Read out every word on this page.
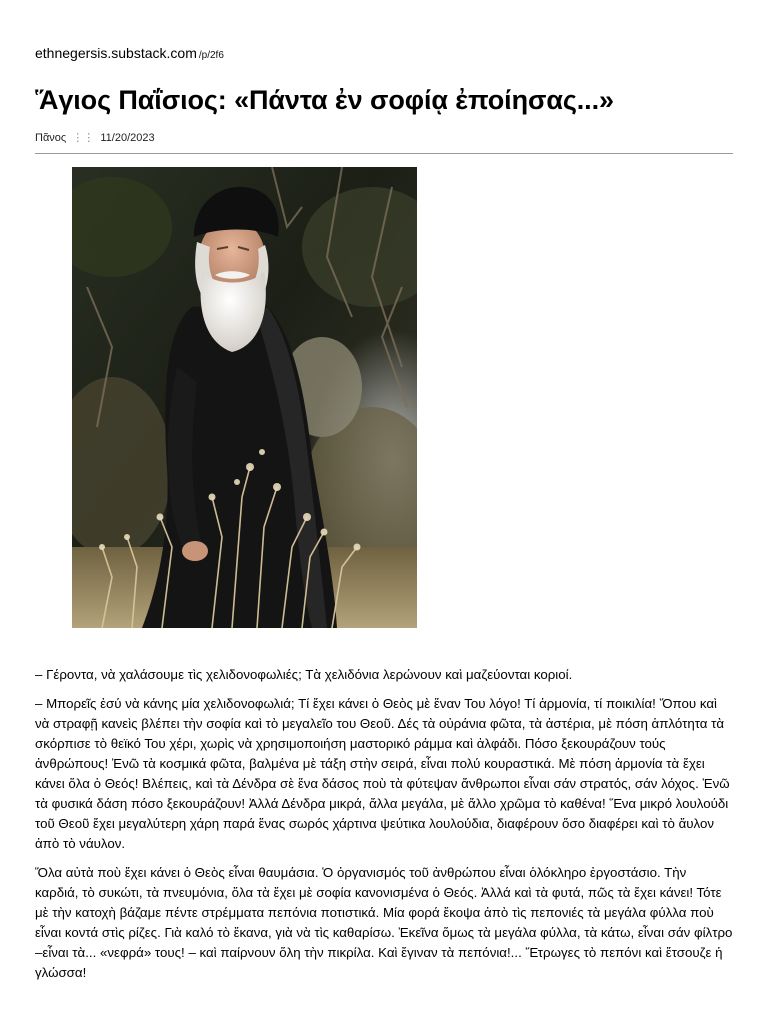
ethnegersis.substack.com /p/2f6
Ἅγιος Παΐσιος: «Πάντα ἐν σοφίᾳ ἐποίησας...»
Πᾶνος ⋮⋮ 11/20/2023

– Γέροντα, νὰ χαλάσουμε τὶς χελιδονοφωλιές; Τὰ χελιδόνια λερώνουν καὶ μαζεύονται κοριοί.

– Μπορεῖς ἐσύ νὰ κάνης μία χελιδονοφωλιά; Τί ἔχει κάνει ὁ Θεὸς μὲ ἕναν Του λόγο! Τί ἁρμονία, τί ποικιλία! Ὅπου καὶ νὰ στραφῇ κανεὶς βλέπει τὴν σοφία καὶ τὸ μεγαλεῖο του Θεοῦ. Δές τὰ οὐράνια φῶτα, τὰ ἀστέρια, μὲ πόση ἁπλότητα τὰ σκόρπισε τὸ θεϊκό Του χέρι, χωρὶς νὰ χρησιμοποιήση μαστορικό ράμμα καὶ ἀλφάδι. Πόσο ξεκουράζουν τούς ἀνθρώπους! Ἐνῶ τὰ κοσμικά φῶτα, βαλμένα μὲ τάξη στὴν σειρά, εἶναι πολύ κουραστικά. Μὲ πόση ἁρμονία τὰ ἔχει κάνει ὅλα ὁ Θεός! Βλέπεις, καὶ τὰ Δένδρα σὲ ἕνα δάσος ποὺ τὰ φύτεψαν ἄνθρωποι εἶναι σάν στρατός, σάν λόχος. Ἐνῶ τὰ φυσικά δάση πόσο ξεκουράζουν! Ἀλλά Δένδρα μικρά, ἄλλα μεγάλα, μὲ ἄλλο χρῶμα τὸ καθένα! Ἕνα μικρό λουλούδι τοῦ Θεοῦ ἔχει μεγαλύτερη χάρη παρά ἕνας σωρός χάρτινα ψεύτικα λουλούδια, διαφέρουν ὅσο διαφέρει καὶ τὸ ἄυλον ἀπὸ τὸ νάυλον.

Ὅλα αὐτὰ ποὺ ἔχει κάνει ὁ Θεὸς εἶναι θαυμάσια. Ὁ ὀργανισμός τοῦ ἀνθρώπου εἶναι ὁλόκληρο ἐργοστάσιο. Τὴν καρδιά, τὸ συκώτι, τὰ πνευμόνια, ὅλα τὰ ἔχει μὲ σοφία κανονισμένα ὁ Θεός. Ἀλλά καὶ τὰ φυτά, πῶς τὰ ἔχει κάνει! Τότε μὲ τὴν κατοχὴ βάζαμε πέντε στρέμματα πεπόνια ποτιστικά. Μία φορά ἔκοψα ἀπὸ τὶς πεπονιές τὰ μεγάλα φύλλα ποὺ εἶναι κοντά στὶς ρίζες. Γιὰ καλό τὸ ἔκανα, γιὰ νὰ τὶς καθαρίσω. Ἐκεῖνα ὅμως τὰ μεγάλα φύλλα, τὰ κάτω, εἶναι σάν φίλτρο –εἶναι τὰ... «νεφρά» τους! – καὶ παίρνουν ὅλη τὴν πικρίλα. Καὶ ἔγιναν τὰ πεπόνια!... Ἔτρωγες τὸ πεπόνι καὶ ἔτσουζε ἡ γλώσσα!
